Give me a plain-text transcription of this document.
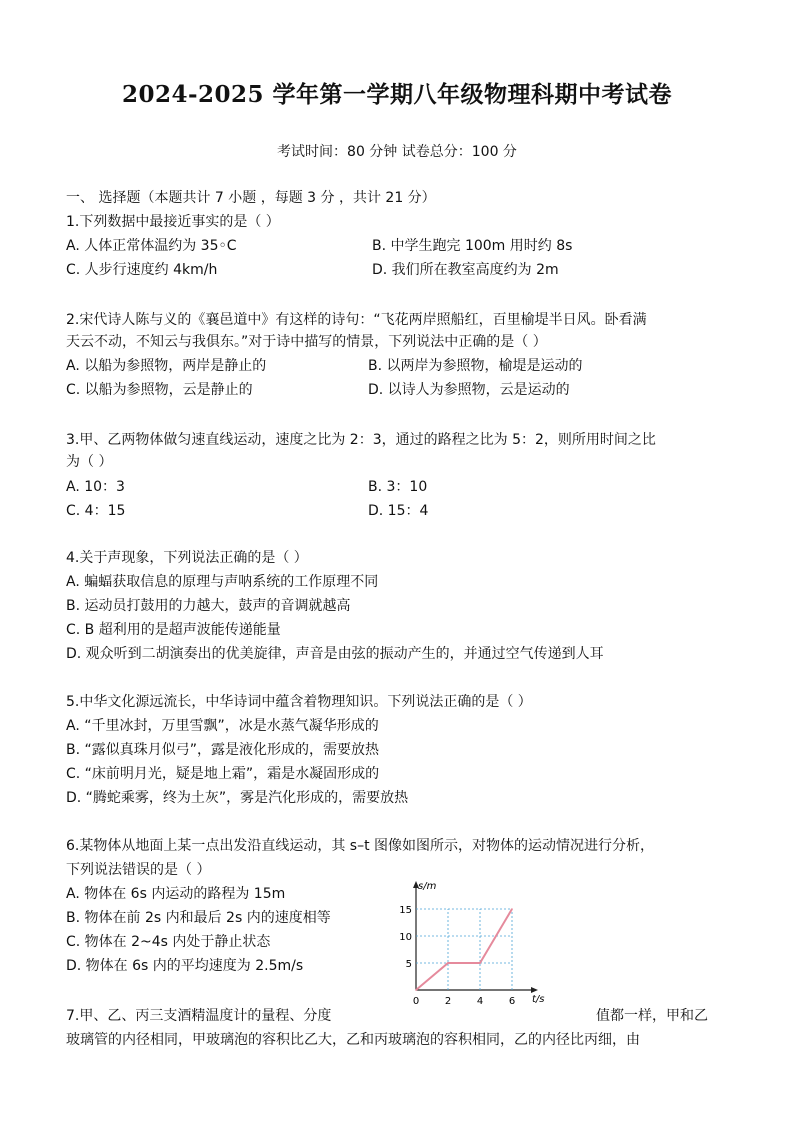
2024-2025 学年第一学期八年级物理科期中考试卷
考试时间：80 分钟 试卷总分：100 分
一、 选择题（本题共计 7 小题 ，每题 3 分 ，共计 21 分）
1.下列数据中最接近事实的是（ ）
A. 人体正常体温约为 35◦C	B. 中学生跑完 100m 用时约 8s
C. 人步行速度约 4km/h	D. 我们所在教室高度约为 2m
2.宋代诗人陈与义的《襄邑道中》有这样的诗句：“飞花两岸照船红，百里榆堤半日风。卧看满
天云不动，不知云与我俱东。”对于诗中描写的情景，下列说法中正确的是（ ）
A. 以船为参照物，两岸是静止的	B. 以两岸为参照物，榆堤是运动的
C. 以船为参照物，云是静止的	D. 以诗人为参照物，云是运动的
3.甲、乙两物体做匀速直线运动，速度之比为 2：3，通过的路程之比为 5：2，则所用时间之比
为（ ）
A. 10：3	B. 3：10
C. 4：15	D. 15：4
4.关于声现象，下列说法正确的是（ ）
A. 蝙蝠获取信息的原理与声呐系统的工作原理不同
B. 运动员打鼓用的力越大，鼓声的音调就越高
C. B 超利用的是超声波能传递能量
D. 观众听到二胡演奏出的优美旋律，声音是由弦的振动产生的，并通过空气传递到人耳
5.中华文化源远流长，中华诗词中蕴含着物理知识。下列说法正确的是（ ）
A. “千里冰封，万里雪飘”，冰是水蒸气凝华形成的
B. “露似真珠月似弓”，露是液化形成的，需要放热
C. “床前明月光，疑是地上霜”，霜是水凝固形成的
D. “腾蛇乘雾，终为土灰”，雾是汽化形成的，需要放热
6.某物体从地面上某一点出发沿直线运动，其 s–t 图像如图所示，对物体的运动情况进行分析，
下列说法错误的是（ ）
A. 物体在 6s 内运动的路程为 15m
B. 物体在前 2s 内和最后 2s 内的速度相等
C. 物体在 2~4s 内处于静止状态
D. 物体在 6s 内的平均速度为 2.5m/s
s/m
t/s
0	2	4	6
5
10
15
7.甲、乙、丙三支酒精温度计的量程、分度	值都一样，甲和乙
玻璃管的内径相同，甲玻璃泡的容积比乙大，乙和丙玻璃泡的容积相同，乙的内径比丙细，由
